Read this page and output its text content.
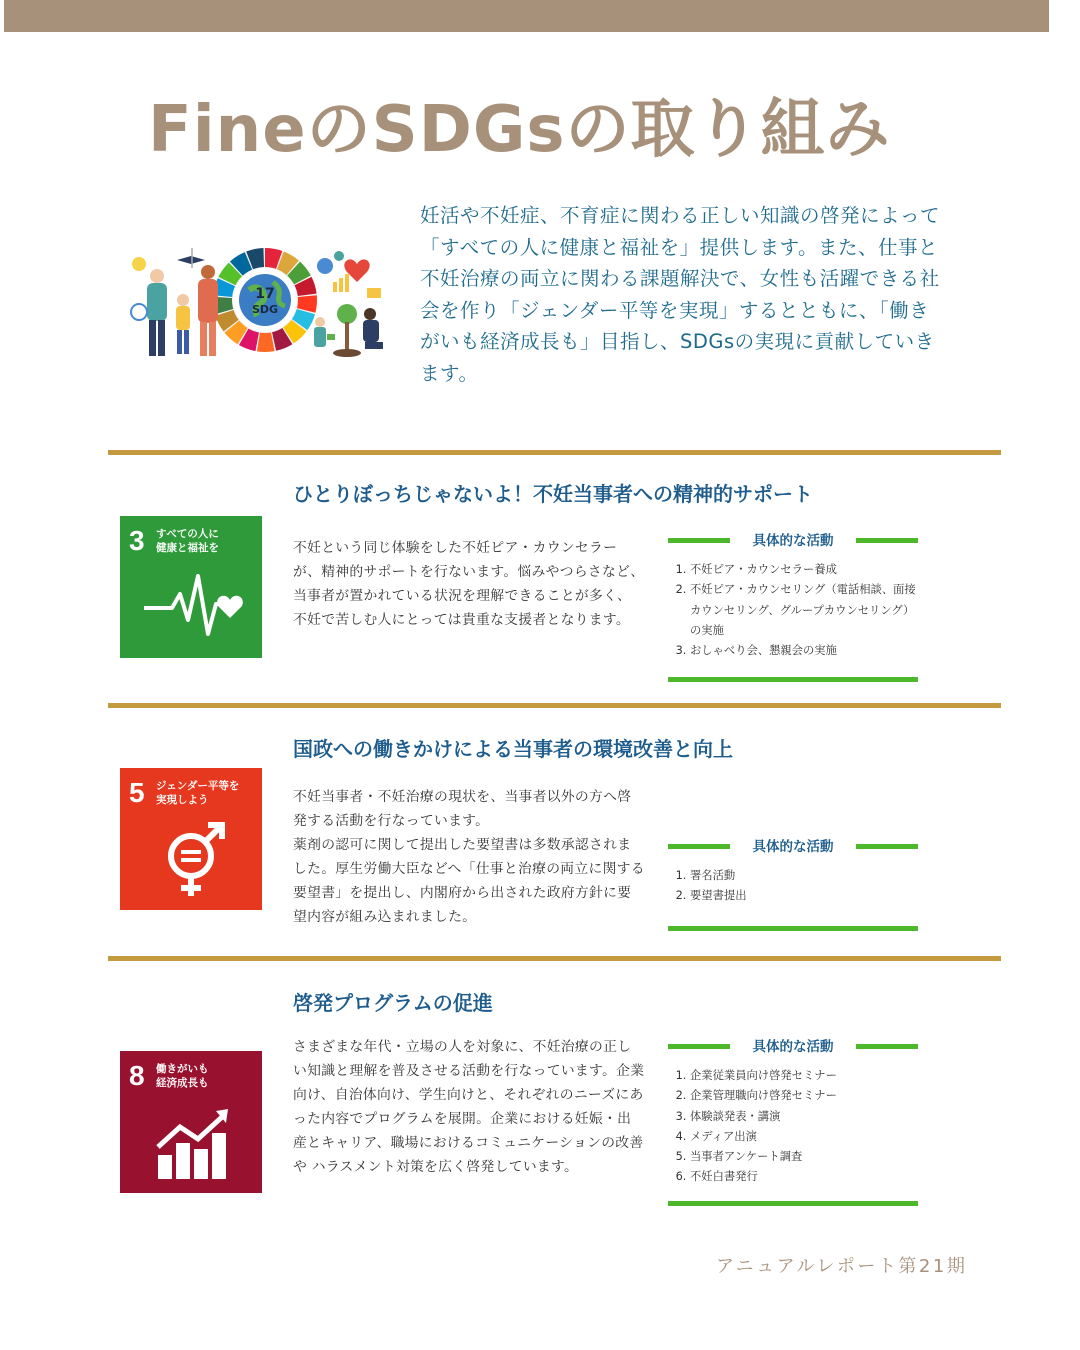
FineのSDGsの取り組み
17
SDG

妊活や不妊症、不育症に関わる正しい知識の啓発によって「すべての人に健康と福祉を」提供します。また、仕事と不妊治療の両立に関わる課題解決で、女性も活躍できる社会を作り「ジェンダー平等を実現」するとともに、「働きがいも経済成長も」目指し、SDGsの実現に貢献していきます。

ひとりぼっちじゃないよ！不妊当事者への精神的サポート
3 すべての人に
健康と福祉を	不妊という同じ体験をした不妊ピア・カウンセラーが、精神的サポートを行ないます。悩みやつらさなど、当事者が置かれている状況を理解できることが多く、 不妊で苦しむ人にとっては貴重な支援者となります。

具体的な活動
1. 不妊ピア・カウンセラー養成
2. 不妊ピア・カウンセリング（電話相談、面接カウンセリング、グループカウンセリング）の実施
3. おしゃべり会、懇親会の実施
国政への働きかけによる当事者の環境改善と向上
5 ジェンダー平等を
実現しよう	不妊当事者・不妊治療の現状を、当事者以外の方へ啓発する活動を行なっています。
薬剤の認可に関して提出した要望書は多数承認されました。厚生労働大臣などへ「仕事と治療の両立に関する要望書」を提出し、内閣府から出された政府方針に要望内容が組み込まれました。

具体的な活動
1. 署名活動
2. 要望書提出
啓発プログラムの促進
8 働きがいも
経済成長も

さまざまな年代・立場の人を対象に、不妊治療の正しい知識と理解を普及させる活動を行なっています。企業向け、自治体向け、学生向けと、それぞれのニーズにあった内容でプログラムを展開。企業における妊娠・出産とキャリア、職場におけるコミュニケーションの改善や ハラスメント対策を広く啓発しています。

具体的な活動
1. 企業従業員向け啓発セミナー
2. 企業管理職向け啓発セミナー
3. 体験談発表・講演
4. メディア出演
5. 当事者アンケート調査
6. 不妊白書発行
アニュアルレポート第21期
